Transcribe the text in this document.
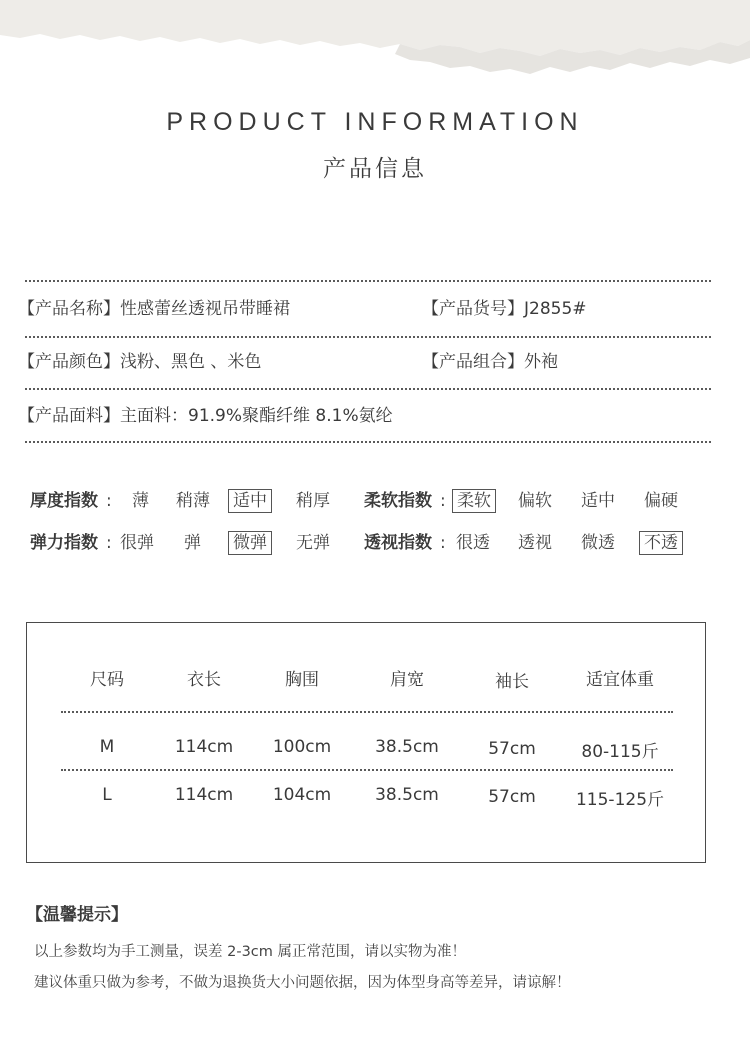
PRODUCT INFORMATION
产品信息
【产品名称】性感蕾丝透视吊带睡裙	【产品货号】J2855#
【产品颜色】浅粉、黑色 、米色	【产品组合】外袍
【产品面料】主面料：91.9%聚酯纤维 8.1%氨纶
厚度指数 : 薄 稍薄 适中 稍厚 柔软指数 : 柔软 偏软 适中 偏硬
弹力指数 : 很弹 弹 微弹 无弹 透视指数 : 很透 透视 微透 不透
尺码	衣长	胸围	肩宽	袖长	适宜体重
M	114cm	100cm	38.5cm	57cm	80-115斤
L	114cm	104cm	38.5cm	57cm	115-125斤
【温馨提示】
以上参数均为手工测量，误差 2-3cm 属正常范围，请以实物为准！
建议体重只做为参考，不做为退换货大小问题依据，因为体型身高等差异，请谅解！
